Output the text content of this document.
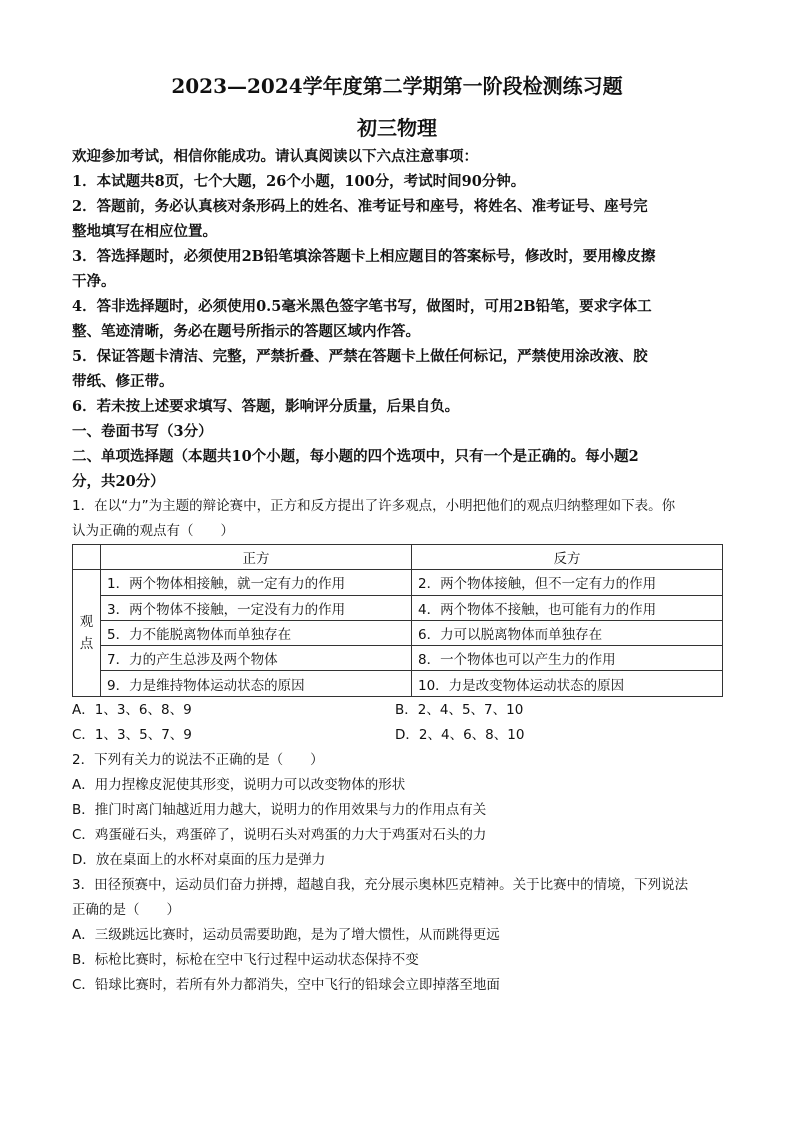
2023—2024学年度第二学期第一阶段检测练习题
初三物理
欢迎参加考试，相信你能成功。请认真阅读以下六点注意事项：
1．本试题共8页，七个大题，26个小题，100分，考试时间90分钟。
2．答题前，务必认真核对条形码上的姓名、准考证号和座号，将姓名、准考证号、座号完
整地填写在相应位置。
3．答选择题时，必须使用2B铅笔填涂答题卡上相应题目的答案标号，修改时，要用橡皮擦
干净。
4．答非选择题时，必须使用0.5毫米黑色签字笔书写，做图时，可用2B铅笔，要求字体工
整、笔迹清晰，务必在题号所指示的答题区域内作答。
5．保证答题卡清洁、完整，严禁折叠、严禁在答题卡上做任何标记，严禁使用涂改液、胶
带纸、修正带。
6．若未按上述要求填写、答题，影响评分质量，后果自负。
一、卷面书写（3分）
二、单项选择题（本题共10个小题，每小题的四个选项中，只有一个是正确的。每小题2
分，共20分）
1．在以“力”为主题的辩论赛中，正方和反方提出了许多观点，小明把他们的观点归纳整理如下表。你
认为正确的观点有（　　）
	正方	反方

观点	1．两个物体相接触，就一定有力的作用	2．两个物体接触，但不一定有力的作用
	3．两个物体不接触，一定没有力的作用	4．两个物体不接触，也可能有力的作用
	5．力不能脱离物体而单独存在	6．力可以脱离物体而单独存在
	7．力的产生总涉及两个物体	8．一个物体也可以产生力的作用
	9．力是维持物体运动状态的原因	10．力是改变物体运动状态的原因
A．1、3、6、8、9	B．2、4、5、7、10
C．1、3、5、7、9	D．2、4、6、8、10
2．下列有关力的说法不正确的是（　　）
A．用力捏橡皮泥使其形变，说明力可以改变物体的形状
B．推门时离门轴越近用力越大，说明力的作用效果与力的作用点有关
C．鸡蛋碰石头，鸡蛋碎了，说明石头对鸡蛋的力大于鸡蛋对石头的力
D．放在桌面上的水杯对桌面的压力是弹力
3．田径预赛中，运动员们奋力拼搏，超越自我，充分展示奥林匹克精神。关于比赛中的情境，下列说法
正确的是（　　）
A．三级跳远比赛时，运动员需要助跑，是为了增大惯性，从而跳得更远
B．标枪比赛时，标枪在空中飞行过程中运动状态保持不变
C．铅球比赛时，若所有外力都消失，空中飞行的铅球会立即掉落至地面
